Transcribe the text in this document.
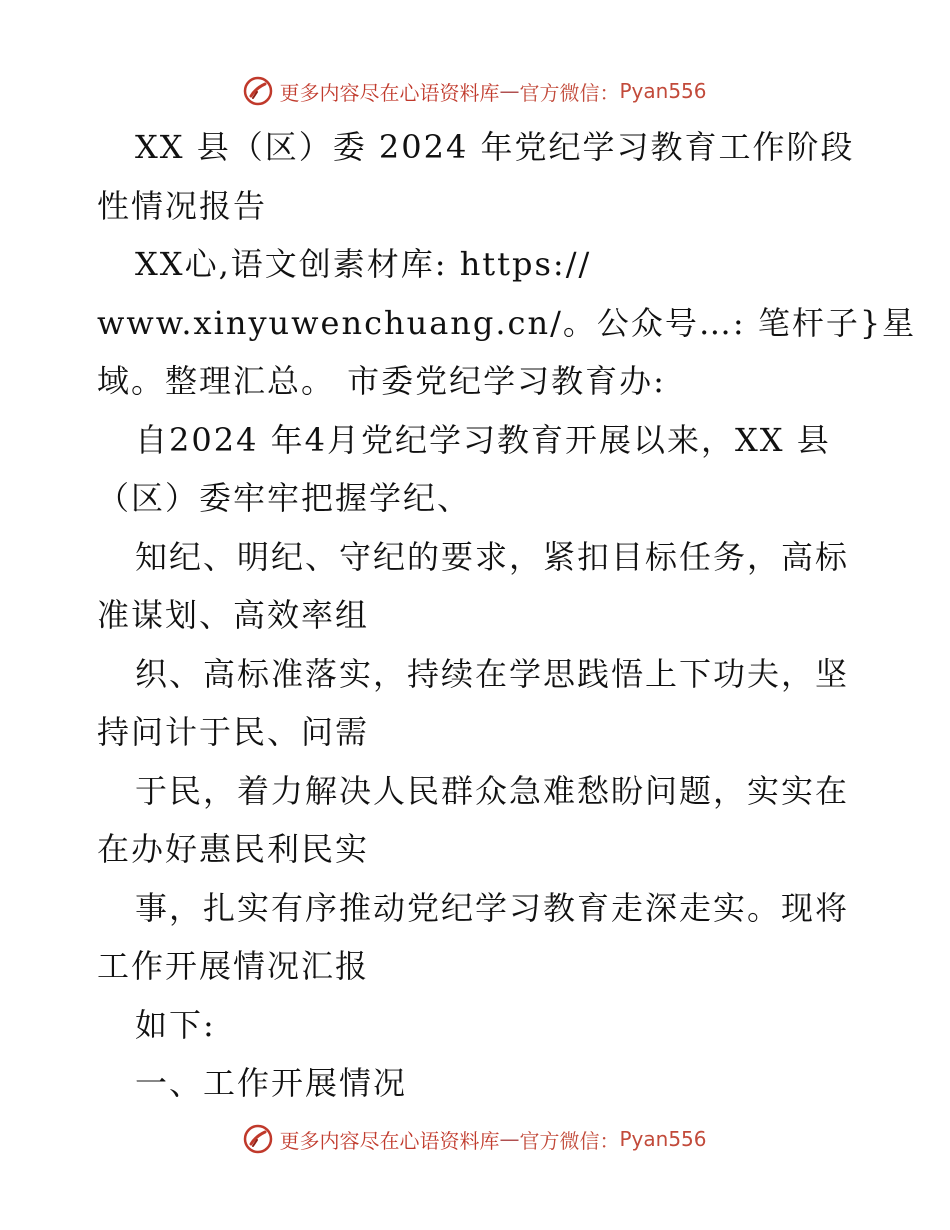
更多内容尽在心语资料库 — 官方微信： Pyan556
XX 县（区）委 2024 年党纪学习教育工作阶段
性情况报告
XX心,语文创素材库: https://
www.xinyuwenchuang.cn/。公众号…: 笔杆子}星
域。整理汇总。 市委党纪学习教育办:
自2024 年4月党纪学习教育开展以来，XX 县
（区）委牢牢把握学纪、
知纪、明纪、守纪的要求，紧扣目标任务，高标
准谋划、高效率组
织、高标准落实，持续在学思践悟上下功夫，坚
持问计于民、问需
于民，着力解决人民群众急难愁盼问题，实实在
在办好惠民利民实
事，扎实有序推动党纪学习教育走深走实。现将
工作开展情况汇报
如下:
一、工作开展情况
更多内容尽在心语资料库 — 官方微信： Pyan556
